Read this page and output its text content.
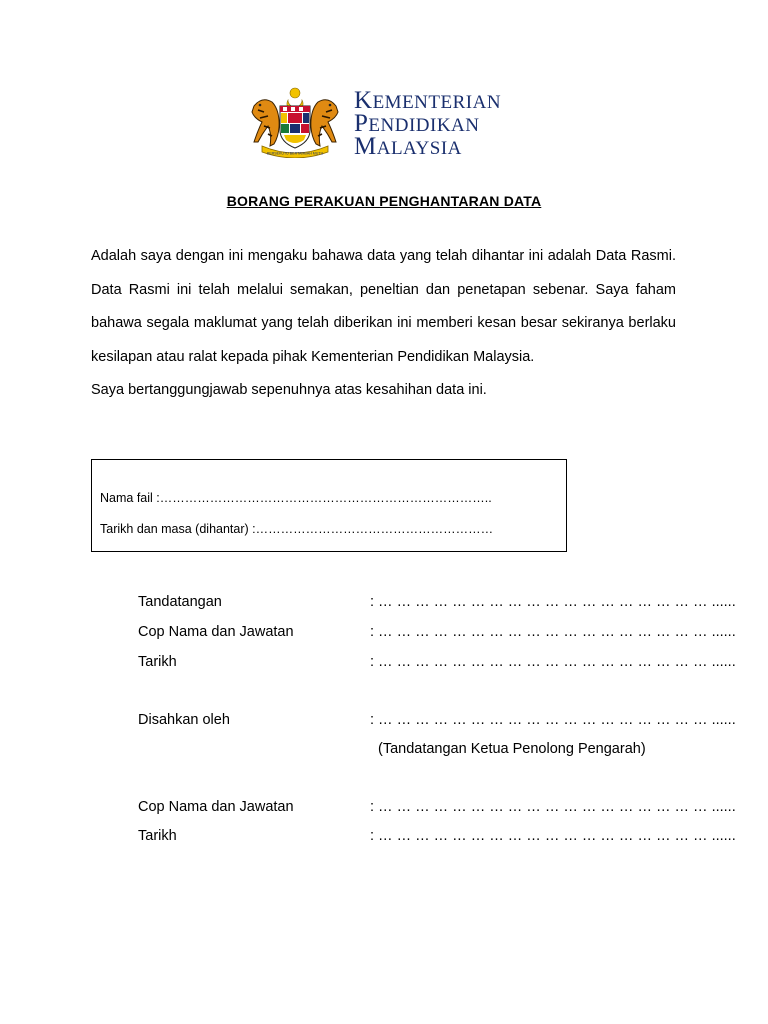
BERSEKUTU BERTAMBAH MUTU
KEMENTERIAN
PENDIDIKAN
MALAYSIA
BORANG PERAKUAN PENGHANTARAN DATA

Adalah saya dengan ini mengaku bahawa data yang telah dihantar ini adalah Data Rasmi. Data Rasmi ini telah melalui semakan, peneltian dan penetapan sebenar. Saya faham bahawa segala maklumat yang telah diberikan ini memberi kesan besar sekiranya berlaku kesilapan atau ralat kepada pihak Kementerian Pendidikan Malaysia.

Saya bertanggungjawab sepenuhnya atas kesahihan data ini.

Nama fail :……………………………………………………………………..
Tarikh dan masa (dihantar) :…………………………………………………
Tandatangan	: … … … … … … … … … … … … … … … … … … ......
Cop Nama dan Jawatan	: … … … … … … … … … … … … … … … … … … ......
Tarikh	: … … … … … … … … … … … … … … … … … … ......
Disahkan oleh	: … … … … … … … … … … … … … … … … … … ......
(Tandatangan Ketua Penolong Pengarah)
Cop Nama dan Jawatan	: … … … … … … … … … … … … … … … … … … ......
Tarikh	: … … … … … … … … … … … … … … … … … … ......
